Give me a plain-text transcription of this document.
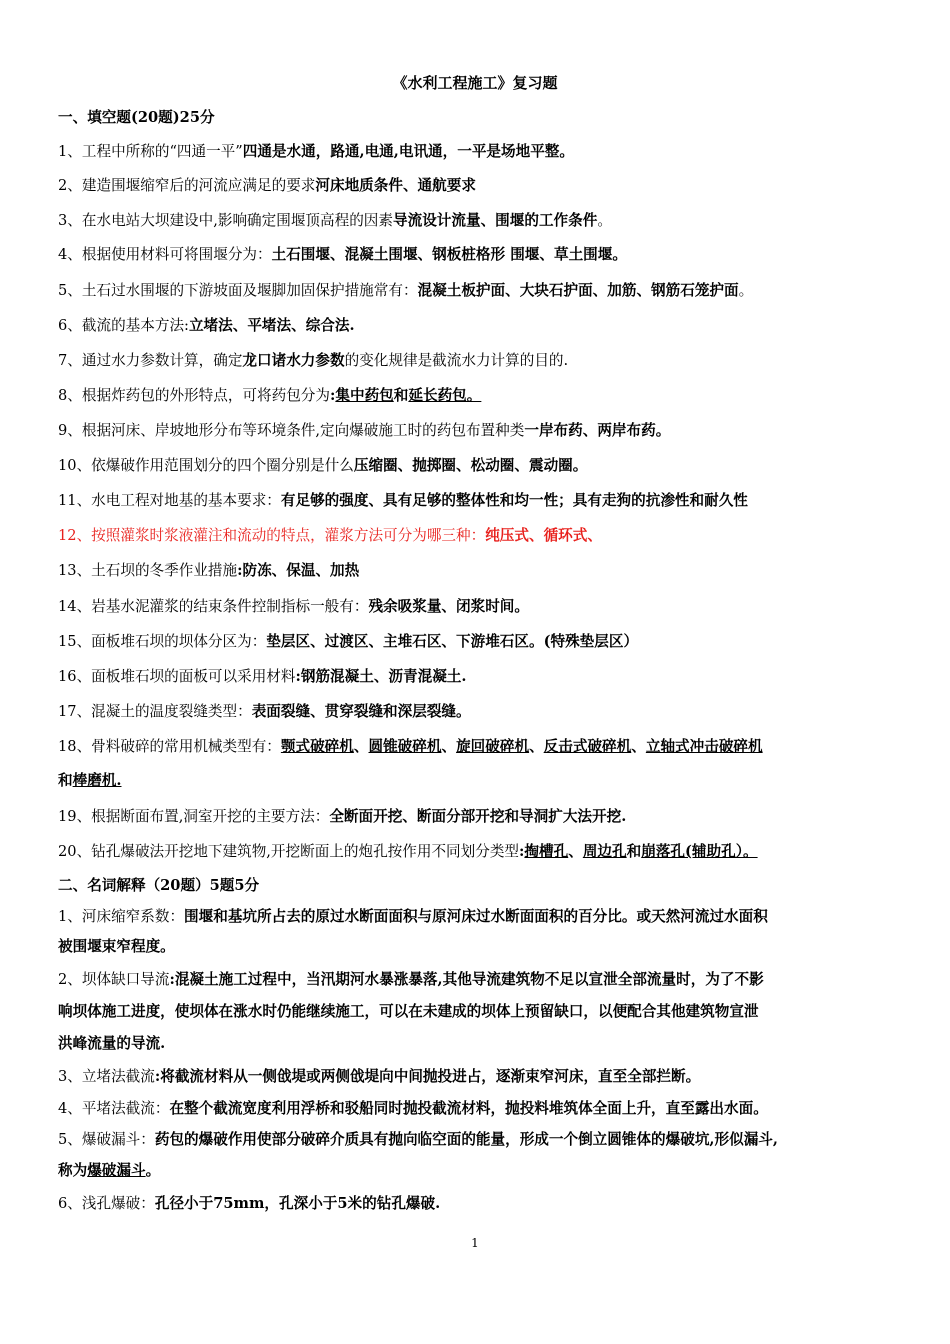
《水利工程施工》复习题
一、填空题(20题)25分
1、工程中所称的“四通一平”四通是水通，路通,电通,电讯通，一平是场地平整。
2、建造围堰缩窄后的河流应满足的要求河床地质条件、通航要求
3、在水电站大坝建设中,影响确定围堰顶高程的因素导流设计流量、围堰的工作条件。
4、根据使用材料可将围堰分为：土石围堰、混凝土围堰、钢板桩格形 围堰、草土围堰。
5、土石过水围堰的下游坡面及堰脚加固保护措施常有：混凝土板护面、大块石护面、加筋、钢筋石笼护面。
6、截流的基本方法:立堵法、平堵法、综合法.
7、通过水力参数计算，确定龙口诸水力参数的变化规律是截流水力计算的目的.
8、根据炸药包的外形特点，可将药包分为:集中药包和延长药包。
9、根据河床、岸坡地形分布等环境条件,定向爆破施工时的药包布置种类一岸布药、两岸布药。
10、依爆破作用范围划分的四个圈分别是什么压缩圈、抛掷圈、松动圈、震动圈。
11、水电工程对地基的基本要求：有足够的强度、具有足够的整体性和均一性；具有走狗的抗渗性和耐久性
12、按照灌浆时浆液灌注和流动的特点，灌浆方法可分为哪三种：纯压式、循环式、
13、土石坝的冬季作业措施:防冻、保温、加热
14、岩基水泥灌浆的结束条件控制指标一般有：残余吸浆量、闭浆时间。
15、面板堆石坝的坝体分区为：垫层区、过渡区、主堆石区、下游堆石区。(特殊垫层区）
16、面板堆石坝的面板可以采用材料:钢筋混凝土、沥青混凝土.
17、混凝土的温度裂缝类型：表面裂缝、贯穿裂缝和深层裂缝。
18、骨料破碎的常用机械类型有：颚式破碎机、圆锥破碎机、旋回破碎机、反击式破碎机、立轴式冲击破碎机
和棒磨机.
19、根据断面布置,洞室开挖的主要方法：全断面开挖、断面分部开挖和导洞扩大法开挖.
20、钻孔爆破法开挖地下建筑物,开挖断面上的炮孔按作用不同划分类型:掏槽孔、周边孔和崩落孔(辅助孔）。
二、名词解释（20题）5题5分
1、河床缩窄系数：围堰和基坑所占去的原过水断面面积与原河床过水断面面积的百分比。或天然河流过水面积
被围堰束窄程度。
2、坝体缺口导流:混凝土施工过程中，当汛期河水暴涨暴落,其他导流建筑物不足以宣泄全部流量时，为了不影
响坝体施工进度，使坝体在涨水时仍能继续施工，可以在未建成的坝体上预留缺口，以便配合其他建筑物宣泄
洪峰流量的导流.
3、立堵法截流:将截流材料从一侧戗堤或两侧戗堤向中间抛投进占，逐渐束窄河床，直至全部拦断。
4、平堵法截流：在整个截流宽度利用浮桥和驳船同时抛投截流材料，抛投料堆筑体全面上升，直至露出水面。
5、爆破漏斗：药包的爆破作用使部分破碎介质具有抛向临空面的能量，形成一个倒立圆锥体的爆破坑,形似漏斗,
称为爆破漏斗。
6、浅孔爆破：孔径小于75mm，孔深小于5米的钻孔爆破.
1
